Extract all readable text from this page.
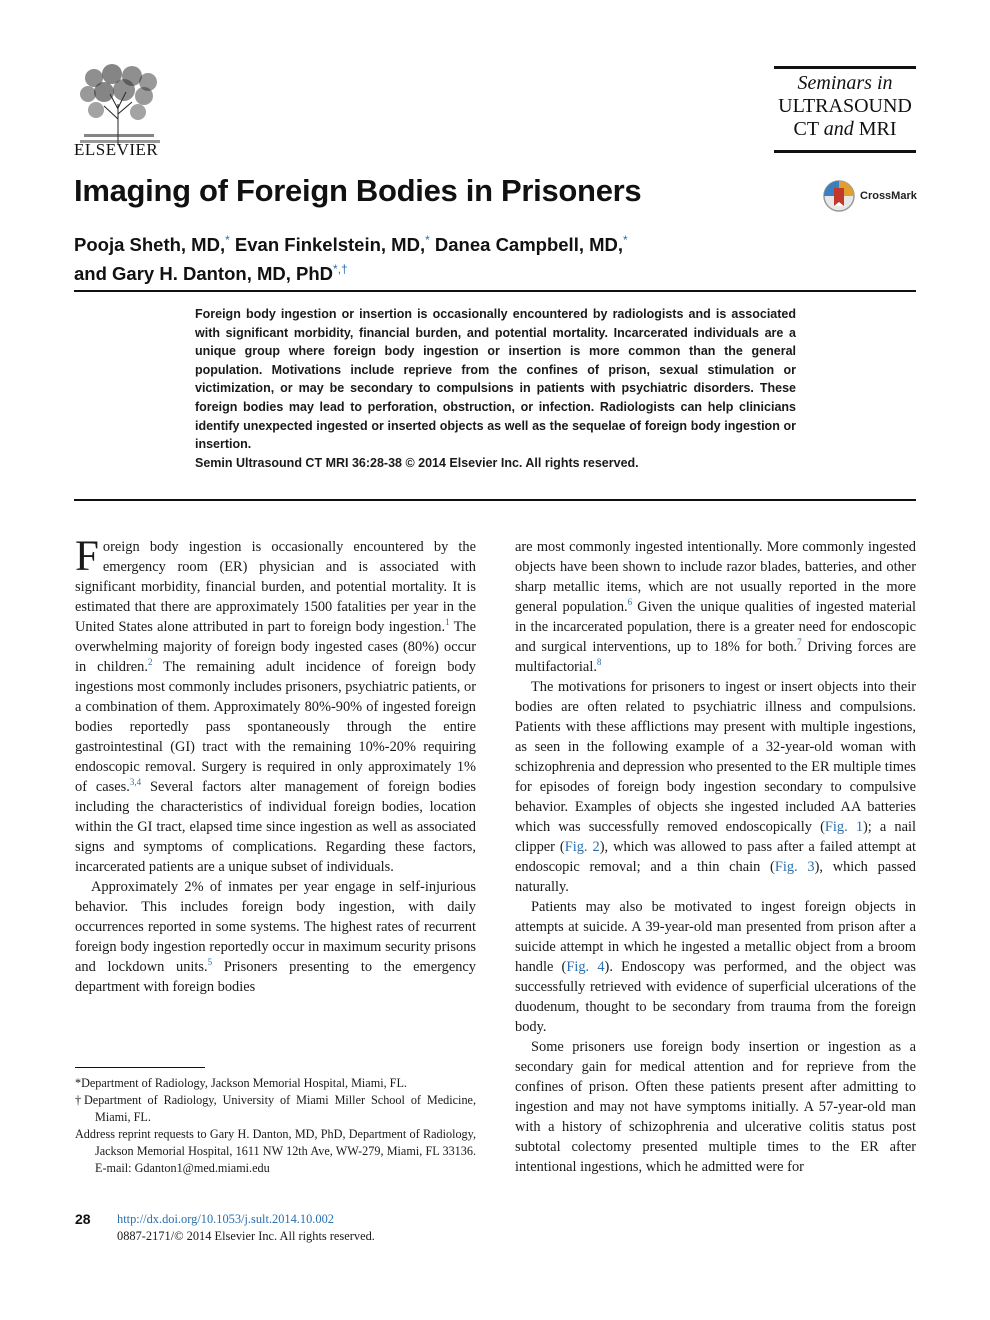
ELSEVIER
Seminars in
ULTRASOUND
CT and MRI
Imaging of Foreign Bodies in Prisoners	CrossMark
Pooja Sheth, MD,* Evan Finkelstein, MD,* Danea Campbell, MD,*
and Gary H. Danton, MD, PhD*,†
Foreign body ingestion or insertion is occasionally encountered by radiologists and is associated with significant morbidity, financial burden, and potential mortality. Incarcerated individuals are a unique group where foreign body ingestion or insertion is more common than the general population. Motivations include reprieve from the confines of prison, sexual stimulation or victimization, or may be secondary to compulsions in patients with psychiatric disorders. These foreign bodies may lead to perforation, obstruction, or infection. Radiologists can help clinicians identify unexpected ingested or inserted objects as well as the sequelae of foreign body ingestion or insertion.
Semin Ultrasound CT MRI 36:28-38 © 2014 Elsevier Inc. All rights reserved.

Foreign body ingestion is occasionally encountered by the emergency room (ER) physician and is associated with significant morbidity, financial burden, and potential mortality. It is estimated that there are approximately 1500 fatalities per year in the United States alone attributed in part to foreign body ingestion.$^1$ The overwhelming majority of foreign body ingested cases (80%) occur in children.$^2$ The remaining adult incidence of foreign body ingestions most commonly includes prisoners, psychiatric patients, or a combination of them. Approximately 80%-90% of ingested foreign bodies reportedly pass spontaneously through the entire gastrointestinal (GI) tract with the remaining 10%-20% requiring endoscopic removal. Surgery is required in only approximately 1% of cases.$^{3,4}$ Several factors alter management of foreign bodies including the characteristics of individual foreign bodies, location within the GI tract, elapsed time since ingestion as well as associated signs and symptoms of complications. Regarding these factors, incarcerated patients are a unique subset of individuals.

Approximately 2% of inmates per year engage in self-injurious behavior. This includes foreign body ingestion, with daily occurrences reported in some systems. The highest rates of recurrent foreign body ingestion reportedly occur in maximum security prisons and lockdown units.$^5$ Prisoners presenting to the emergency department with foreign bodies

are most commonly ingested intentionally. More commonly ingested objects have been shown to include razor blades, batteries, and other sharp metallic items, which are not usually reported in the more general population.$^6$ Given the unique qualities of ingested material in the incarcerated population, there is a greater need for endoscopic and surgical interventions, up to 18% for both.$^7$ Driving forces are multifactorial.$^8$

The motivations for prisoners to ingest or insert objects into their bodies are often related to psychiatric illness and compulsions. Patients with these afflictions may present with multiple ingestions, as seen in the following example of a 32-year-old woman with schizophrenia and depression who presented to the ER multiple times for episodes of foreign body ingestion secondary to compulsive behavior. Examples of objects she ingested included AA batteries which was successfully removed endoscopically (Fig. 1); a nail clipper (Fig. 2), which was allowed to pass after a failed attempt at endoscopic removal; and a thin chain (Fig. 3), which passed naturally.

Patients may also be motivated to ingest foreign objects in attempts at suicide. A 39-year-old man presented from prison after a suicide attempt in which he ingested a metallic object from a broom handle (Fig. 4). Endoscopy was performed, and the object was successfully retrieved with evidence of superficial ulcerations of the duodenum, thought to be secondary from trauma from the foreign body.

Some prisoners use foreign body insertion or ingestion as a secondary gain for medical attention and for reprieve from the confines of prison. Often these patients present after admitting to ingestion and may not have symptoms initially. A 57-year-old man with a history of schizophrenia and ulcerative colitis status post subtotal colectomy presented multiple times to the ER after intentional ingestions, which he admitted were for

*Department of Radiology, Jackson Memorial Hospital, Miami, FL.

†Department of Radiology, University of Miami Miller School of Medicine, Miami, FL.

Address reprint requests to Gary H. Danton, MD, PhD, Department of Radiology, Jackson Memorial Hospital, 1611 NW 12th Ave, WW-279, Miami, FL 33136. E-mail: Gdanton1@med.miami.edu

28 http://dx.doi.org/10.1053/j.sult.2014.10.002
0887-2171/© 2014 Elsevier Inc. All rights reserved.
